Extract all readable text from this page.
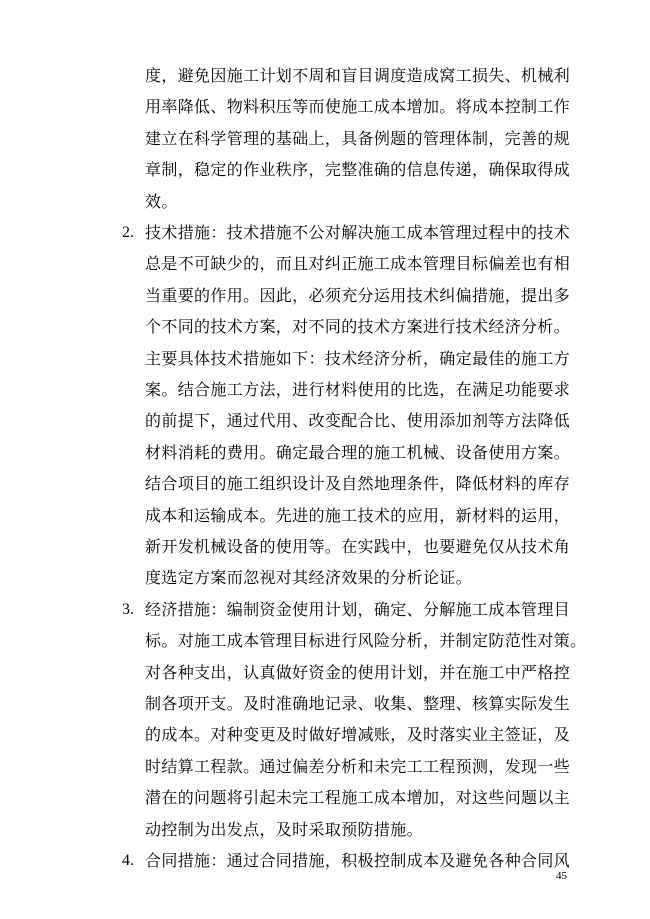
度，避免因施工计划不周和盲目调度造成窝工损失、机械利
用率降低、物料积压等而使施工成本增加。将成本控制工作
建立在科学管理的基础上，具备例题的管理体制，完善的规
章制，稳定的作业秩序，完整准确的信息传递，确保取得成
效。
2. 技术措施：技术措施不公对解决施工成本管理过程中的技术
总是不可缺少的，而且对纠正施工成本管理目标偏差也有相
当重要的作用。因此，必须充分运用技术纠偏措施，提出多
个不同的技术方案，对不同的技术方案进行技术经济分析。
主要具体技术措施如下：技术经济分析，确定最佳的施工方
案。结合施工方法，进行材料使用的比选，在满足功能要求
的前提下，通过代用、改变配合比、使用添加剂等方法降低
材料消耗的费用。确定最合理的施工机械、设备使用方案。
结合项目的施工组织设计及自然地理条件，降低材料的库存
成本和运输成本。先进的施工技术的应用，新材料的运用，
新开发机械设备的使用等。在实践中，也要避免仅从技术角
度选定方案而忽视对其经济效果的分析论证。
3. 经济措施：编制资金使用计划，确定、分解施工成本管理目
标。对施工成本管理目标进行风险分析，并制定防范性对策。
对各种支出，认真做好资金的使用计划，并在施工中严格控
制各项开支。及时准确地记录、收集、整理、核算实际发生
的成本。对种变更及时做好增减账，及时落实业主签证，及
时结算工程款。通过偏差分析和未完工工程预测，发现一些
潜在的问题将引起未完工程施工成本增加，对这些问题以主
动控制为出发点，及时采取预防措施。
4. 合同措施：通过合同措施，积极控制成本及避免各种合同风
45
